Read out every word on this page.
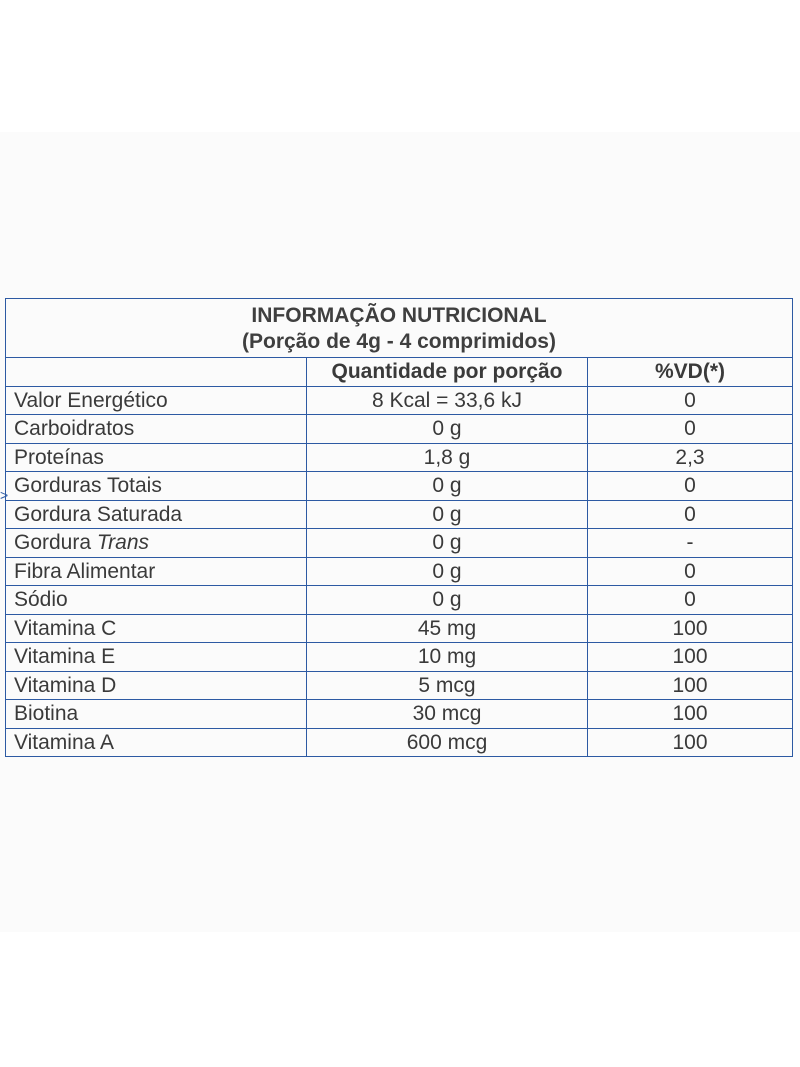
>
INFORMAÇÃO NUTRICIONAL
(Porção de 4g - 4 comprimidos)		

	Quantidade por porção	%VD(*)
Valor Energético	8 Kcal = 33,6 kJ	0
Carboidratos	0 g	0
Proteínas	1,8 g	2,3
Gorduras Totais	0 g	0
Gordura Saturada	0 g	0
Gordura Trans	0 g	-
Fibra Alimentar	0 g	0
Sódio	0 g	0
Vitamina C	45 mg	100
Vitamina E	10 mg	100
Vitamina D	5 mcg	100
Biotina	30 mcg	100
Vitamina A	600 mcg	100
